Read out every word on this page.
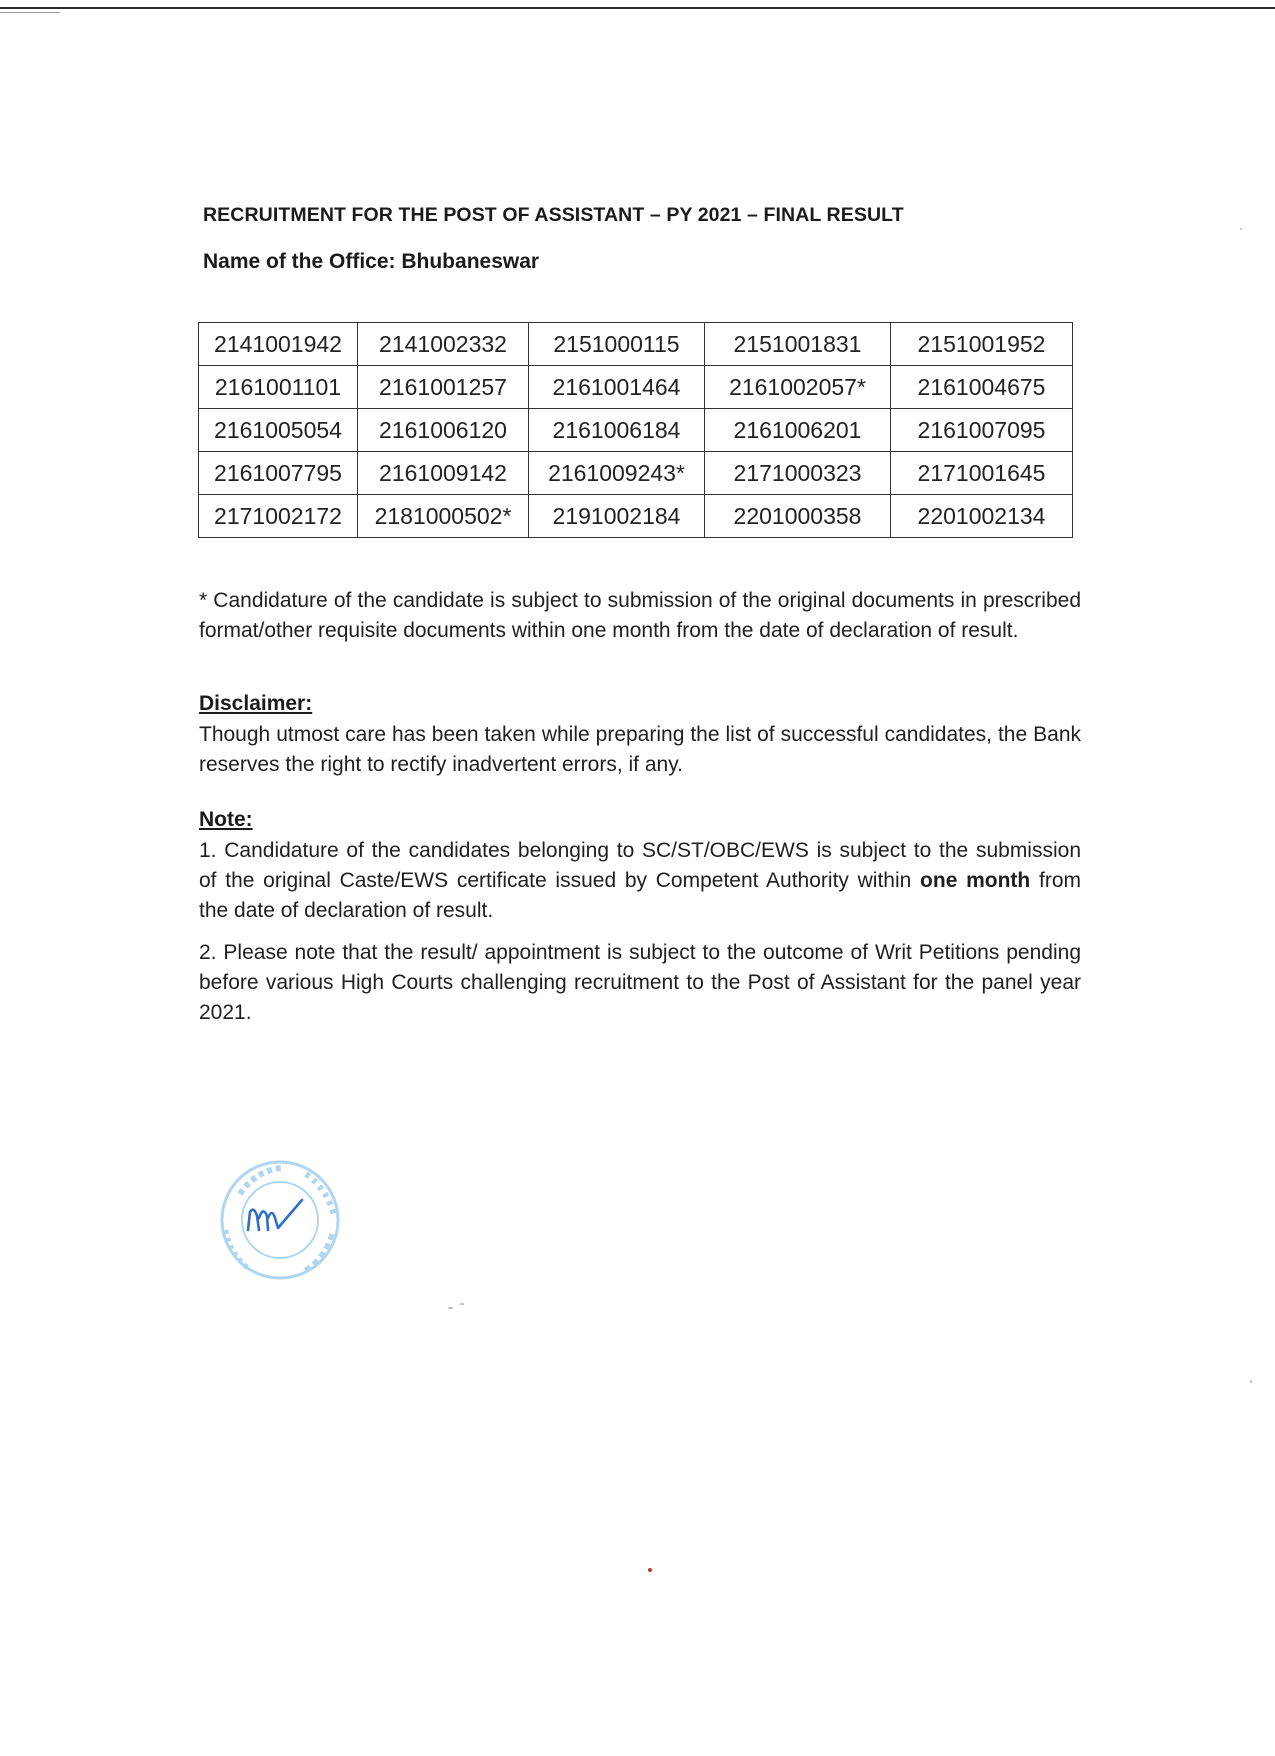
RECRUITMENT FOR THE POST OF ASSISTANT – PY 2021 – FINAL RESULT
Name of the Office: Bhubaneswar
2141001942	2141002332	2151000115	2151001831	2151001952
2161001101	2161001257	2161001464	2161002057*	2161004675
2161005054	2161006120	2161006184	2161006201	2161007095
2161007795	2161009142	2161009243*	2171000323	2171001645
2171002172	2181000502*	2191002184	2201000358	2201002134
* Candidature of the candidate is subject to submission of the original documents in prescribed format/other requisite documents within one month from the date of declaration of result.
Disclaimer:
Though utmost care has been taken while preparing the list of successful candidates, the Bank reserves the right to rectify inadvertent errors, if any.
Note:
1. Candidature of the candidates belonging to SC/ST/OBC/EWS is subject to the submission of the original Caste/EWS certificate issued by Competent Authority within one month from the date of declaration of result.
2. Please note that the result/ appointment is subject to the outcome of Writ Petitions pending before various High Courts challenging recruitment to the Post of Assistant for the panel year 2021.
